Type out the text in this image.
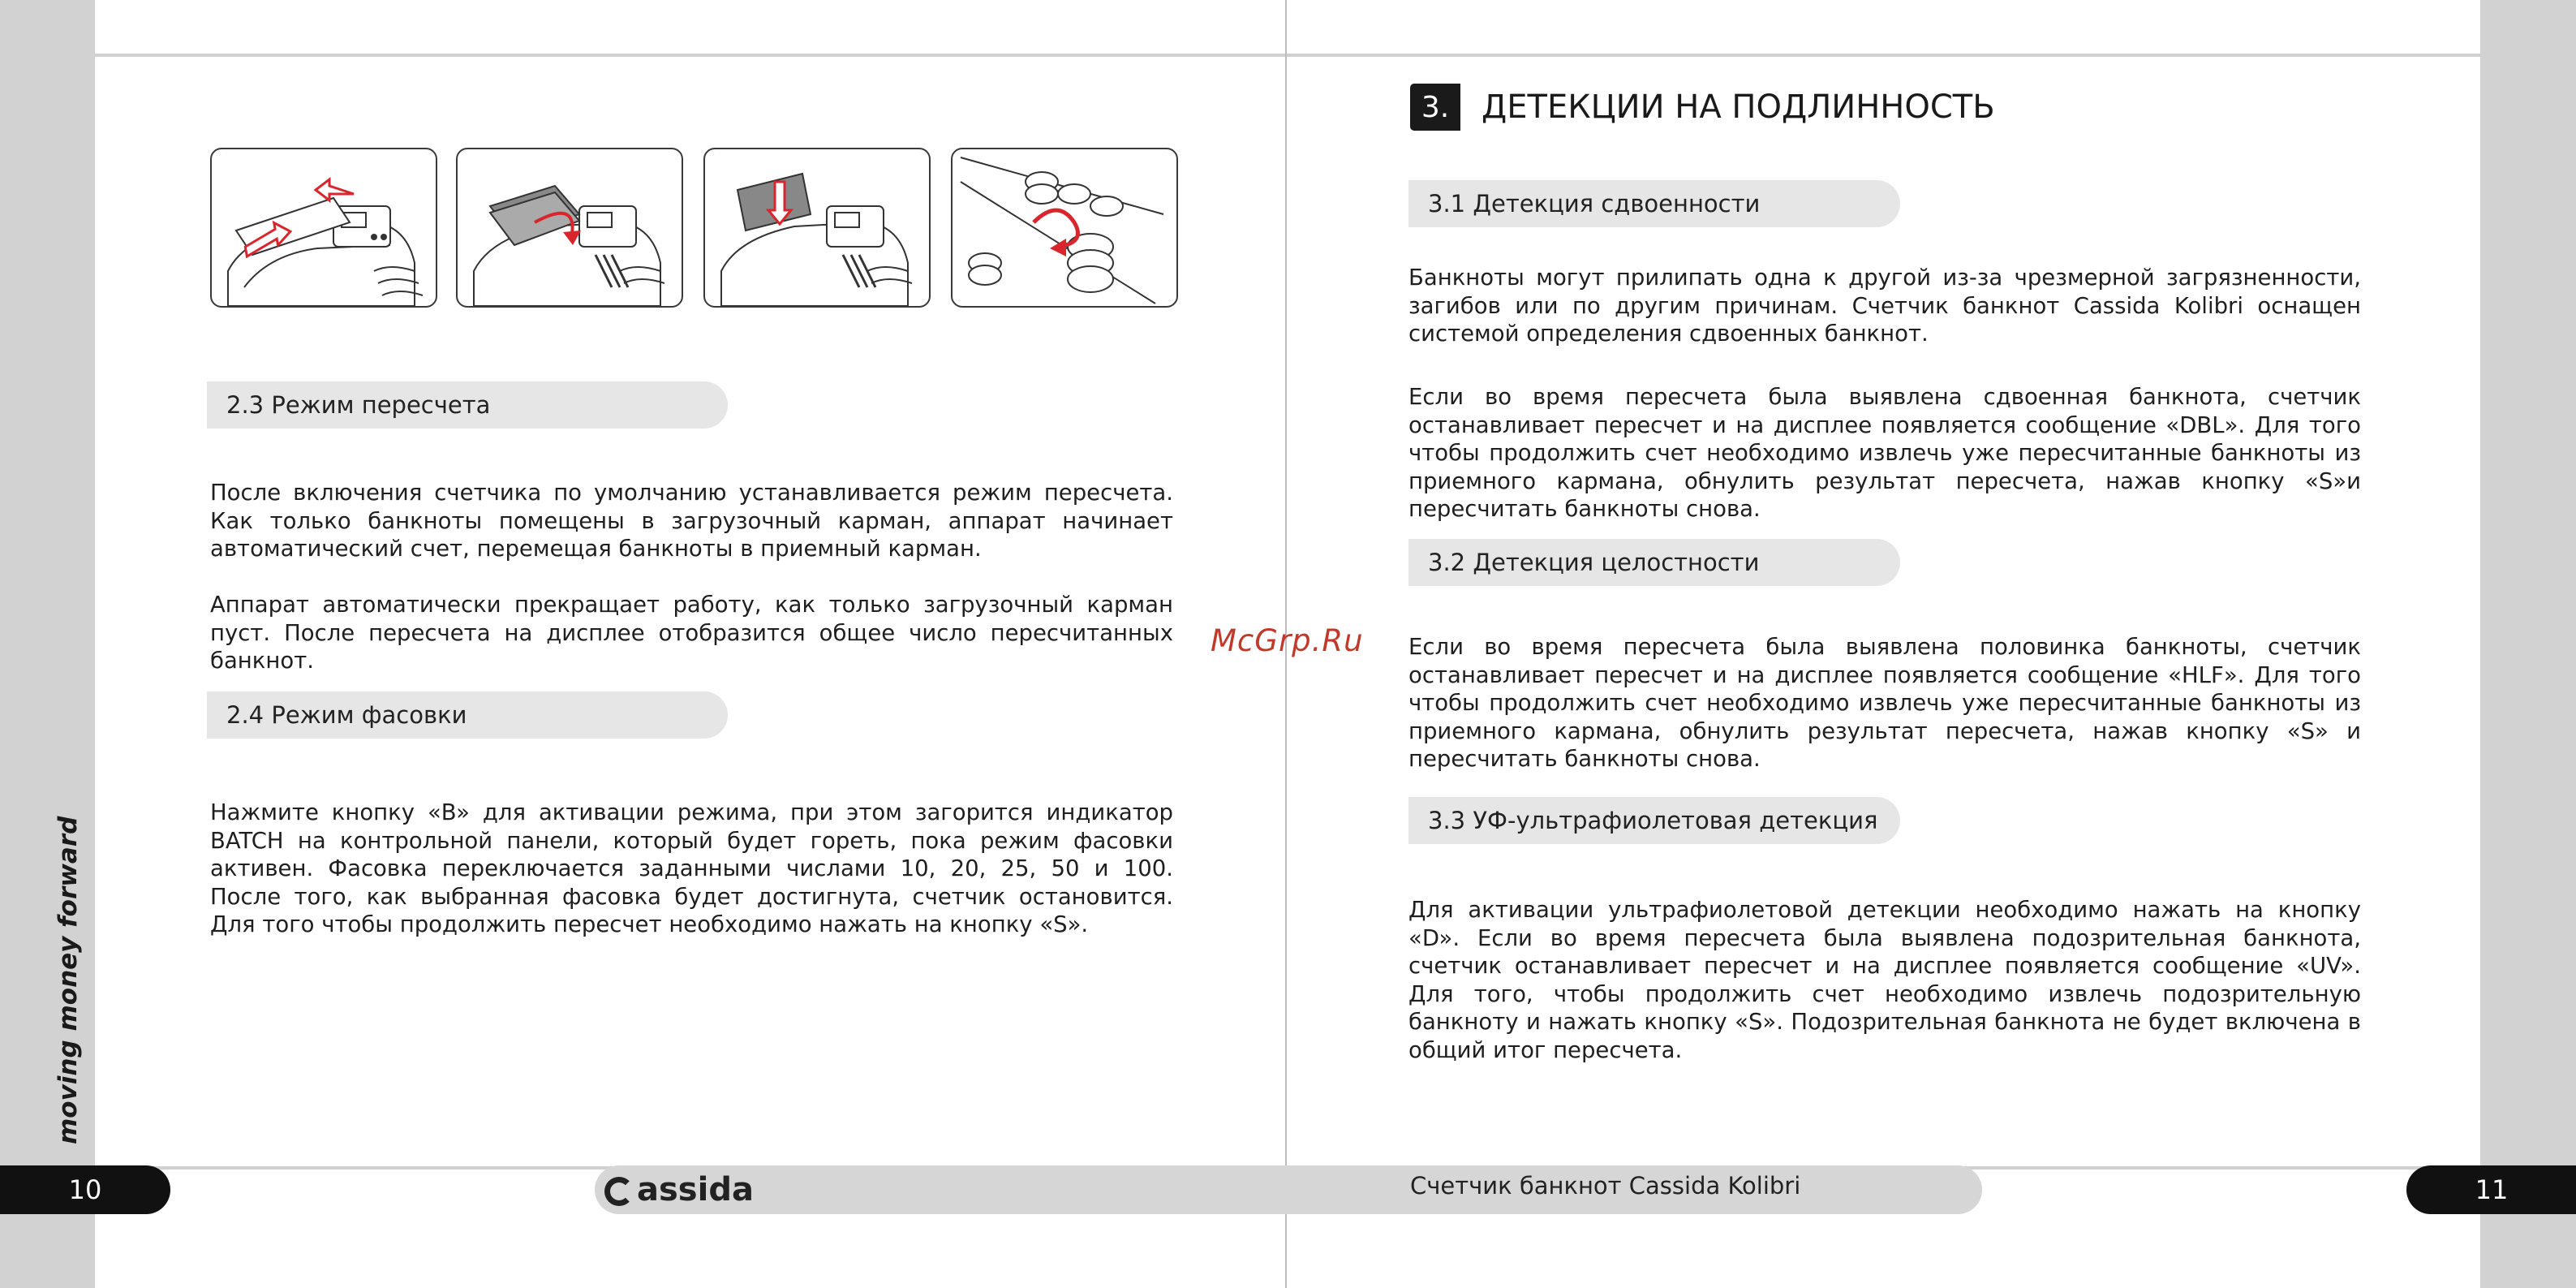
moving money forward
2.3 Режим пересчета
После включения счетчика по умолчанию устанавливается режим пересчета. Как только банкноты помещены в загрузочный карман, аппарат начинает автоматический счет, перемещая банкноты в приемный карман.
Аппарат автоматически прекращает работу, как только загрузочный карман пуст. После пересчета на дисплее отобразится общее число пересчитанных банкнот.
2.4 Режим фасовки
Нажмите кнопку «B» для активации режима, при этом загорится индикатор BATCH на контрольной панели, который будет гореть, пока режим фасовки активен. Фасовка переключается заданными числами 10, 20, 25, 50 и 100. После того, как выбранная фасовка будет достигнута, счетчик остановится. Для того чтобы продолжить пересчет необходимо нажать на кнопку «S».
McGrp.Ru
3. ДЕТЕКЦИИ НА ПОДЛИННОСТЬ
3.1 Детекция сдвоенности
Банкноты могут прилипать одна к другой из-за чрезмерной загрязненности, загибов или по другим причинам. Счетчик банкнот Cassida Kolibri оснащен системой определения сдвоенных банкнот.
Если во время пересчета была выявлена сдвоенная банкнота, счетчик останавливает пересчет и на дисплее появляется сообщение «DBL». Для того чтобы продолжить счет необходимо извлечь уже пересчитанные банкноты из приемного кармана, обнулить результат пересчета, нажав кнопку «S»и пересчитать банкноты снова.
3.2 Детекция целостности
Если во время пересчета была выявлена половинка банкноты, счетчик останавливает пересчет и на дисплее появляется сообщение «HLF». Для того чтобы продолжить счет необходимо извлечь уже пересчитанные банкноты из приемного кармана, обнулить результат пересчета, нажав кнопку «S» и пересчитать банкноты снова.
3.3 УФ-ультрафиолетовая детекция
Для активации ультрафиолетовой детекции необходимо нажать на кнопку «D». Если во время пересчета была выявлена подозрительная банкнота, счетчик останавливает пересчет и на дисплее появляется сообщение «UV». Для того, чтобы продолжить счет необходимо извлечь подозрительную банкноту и нажать кнопку «S». Подозрительная банкнота не будет включена в общий итог пересчета.
assida	Счетчик банкнот Cassida Kolibri
10	11
